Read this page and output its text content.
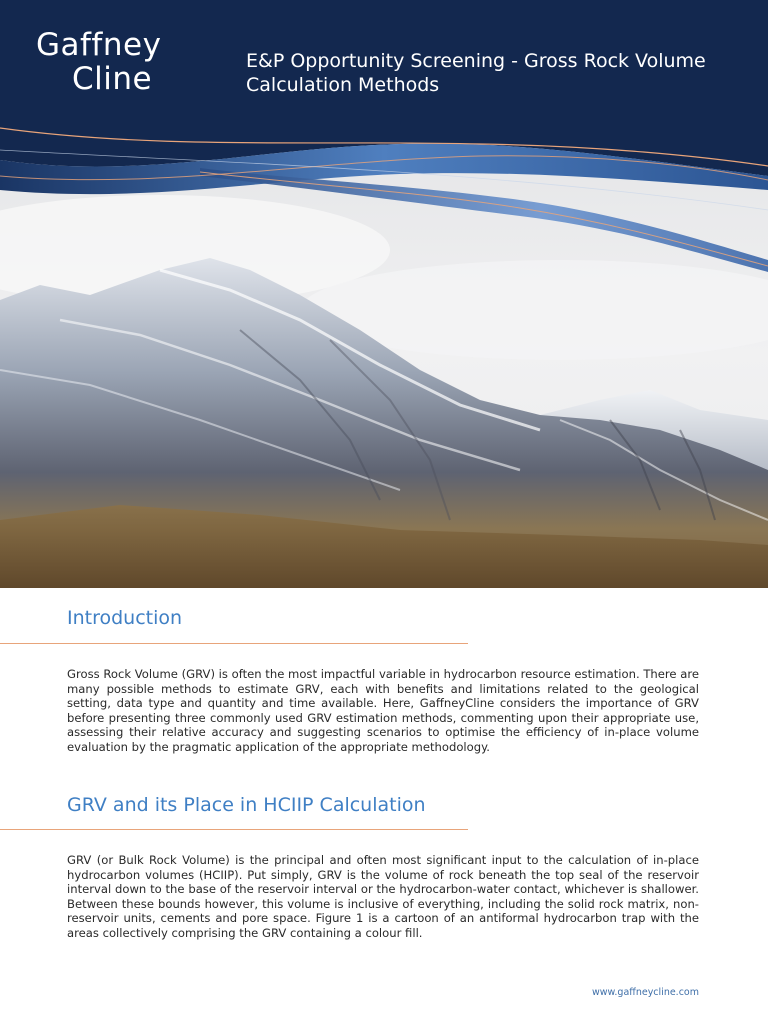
Gaffney
Cline	E&P Opportunity Screening - Gross Rock Volume Calculation Methods
Introduction

Gross Rock Volume (GRV) is often the most impactful variable in hydrocarbon resource estimation. There are many possible methods to estimate GRV, each with benefits and limitations related to the geological setting, data type and quantity and time available. Here, GaffneyCline considers the importance of GRV before presenting three commonly used GRV estimation methods, commenting upon their appropriate use, assessing their relative accuracy and suggesting scenarios to optimise the efficiency of in-place volume evaluation by the pragmatic application of the appropriate methodology.

GRV and its Place in HCIIP Calculation

GRV (or Bulk Rock Volume) is the principal and often most significant input to the calculation of in-place hydrocarbon volumes (HCIIP). Put simply, GRV is the volume of rock beneath the top seal of the reservoir interval down to the base of the reservoir interval or the hydrocarbon-water contact, whichever is shallower. Between these bounds however, this volume is inclusive of everything, including the solid rock matrix, non-reservoir units, cements and pore space. Figure 1 is a cartoon of an antiformal hydrocarbon trap with the areas collectively comprising the GRV containing a colour fill.

www.gaffneycline.com
